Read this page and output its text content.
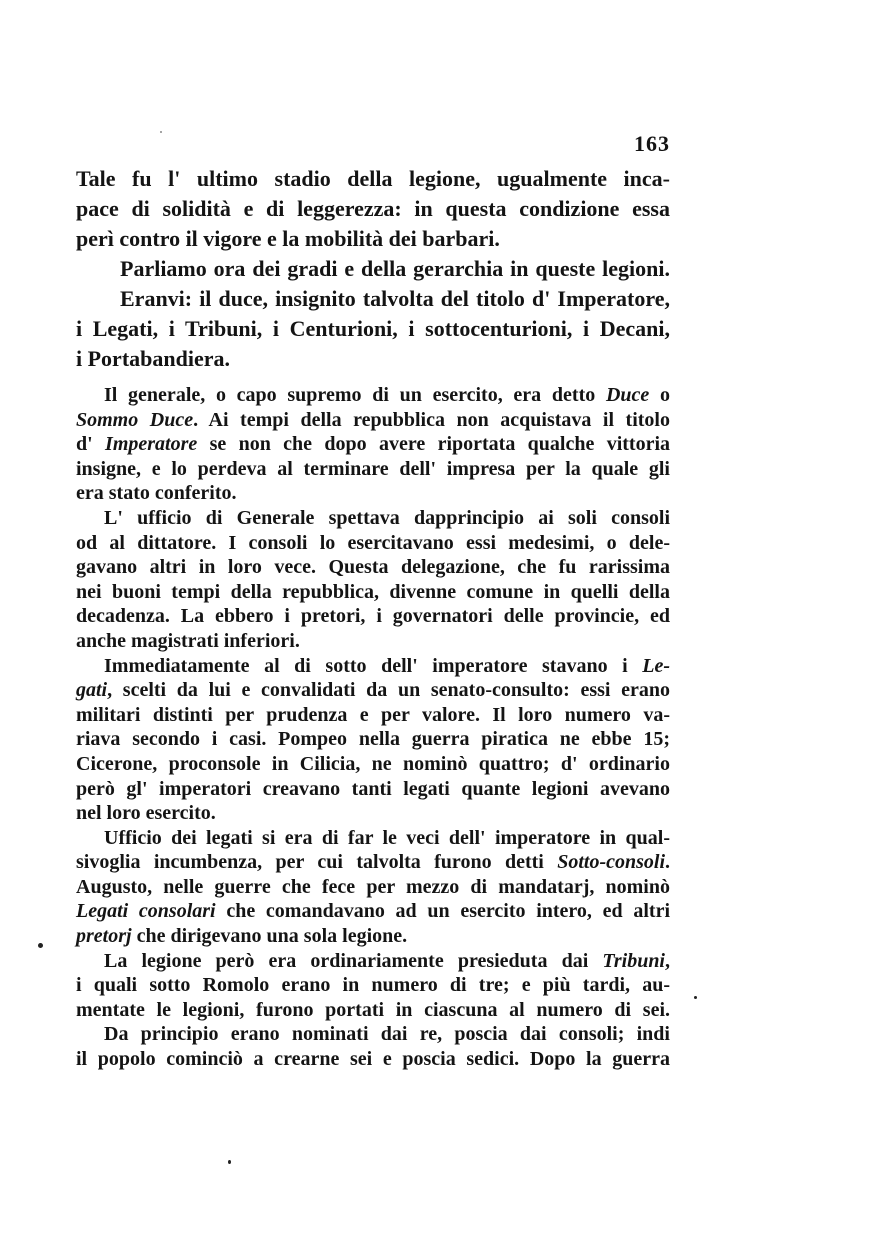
163
Tale fu l' ultimo stadio della legione, ugualmente inca-
pace di solidità e di leggerezza: in questa condizione essa
perì contro il vigore e la mobilità dei barbari.
Parliamo ora dei gradi e della gerarchia in queste legioni.
Eranvi: il duce, insignito talvolta del titolo d' Imperatore,
i Legati, i Tribuni, i Centurioni, i sottocenturioni, i Decani,
i Portabandiera.
Il generale, o capo supremo di un esercito, era detto Duce o
Sommo Duce. Ai tempi della repubblica non acquistava il titolo
d' Imperatore se non che dopo avere riportata qualche vittoria
insigne, e lo perdeva al terminare dell' impresa per la quale gli
era stato conferito.
L' ufficio di Generale spettava dapprincipio ai soli consoli
od al dittatore. I consoli lo esercitavano essi medesimi, o dele-
gavano altri in loro vece. Questa delegazione, che fu rarissima
nei buoni tempi della repubblica, divenne comune in quelli della
decadenza. La ebbero i pretori, i governatori delle provincie, ed
anche magistrati inferiori.
Immediatamente al di sotto dell' imperatore stavano i Le-
gati, scelti da lui e convalidati da un senato-consulto: essi erano
militari distinti per prudenza e per valore. Il loro numero va-
riava secondo i casi. Pompeo nella guerra piratica ne ebbe 15;
Cicerone, proconsole in Cilicia, ne nominò quattro; d' ordinario
però gl' imperatori creavano tanti legati quante legioni avevano
nel loro esercito.
Ufficio dei legati si era di far le veci dell' imperatore in qual-
sivoglia incumbenza, per cui talvolta furono detti Sotto-consoli.
Augusto, nelle guerre che fece per mezzo di mandatarj, nominò
Legati consolari che comandavano ad un esercito intero, ed altri
pretorj che dirigevano una sola legione.
La legione però era ordinariamente presieduta dai Tribuni,
i quali sotto Romolo erano in numero di tre; e più tardi, au-
mentate le legioni, furono portati in ciascuna al numero di sei.
Da principio erano nominati dai re, poscia dai consoli; indi
il popolo cominciò a crearne sei e poscia sedici. Dopo la guerra
